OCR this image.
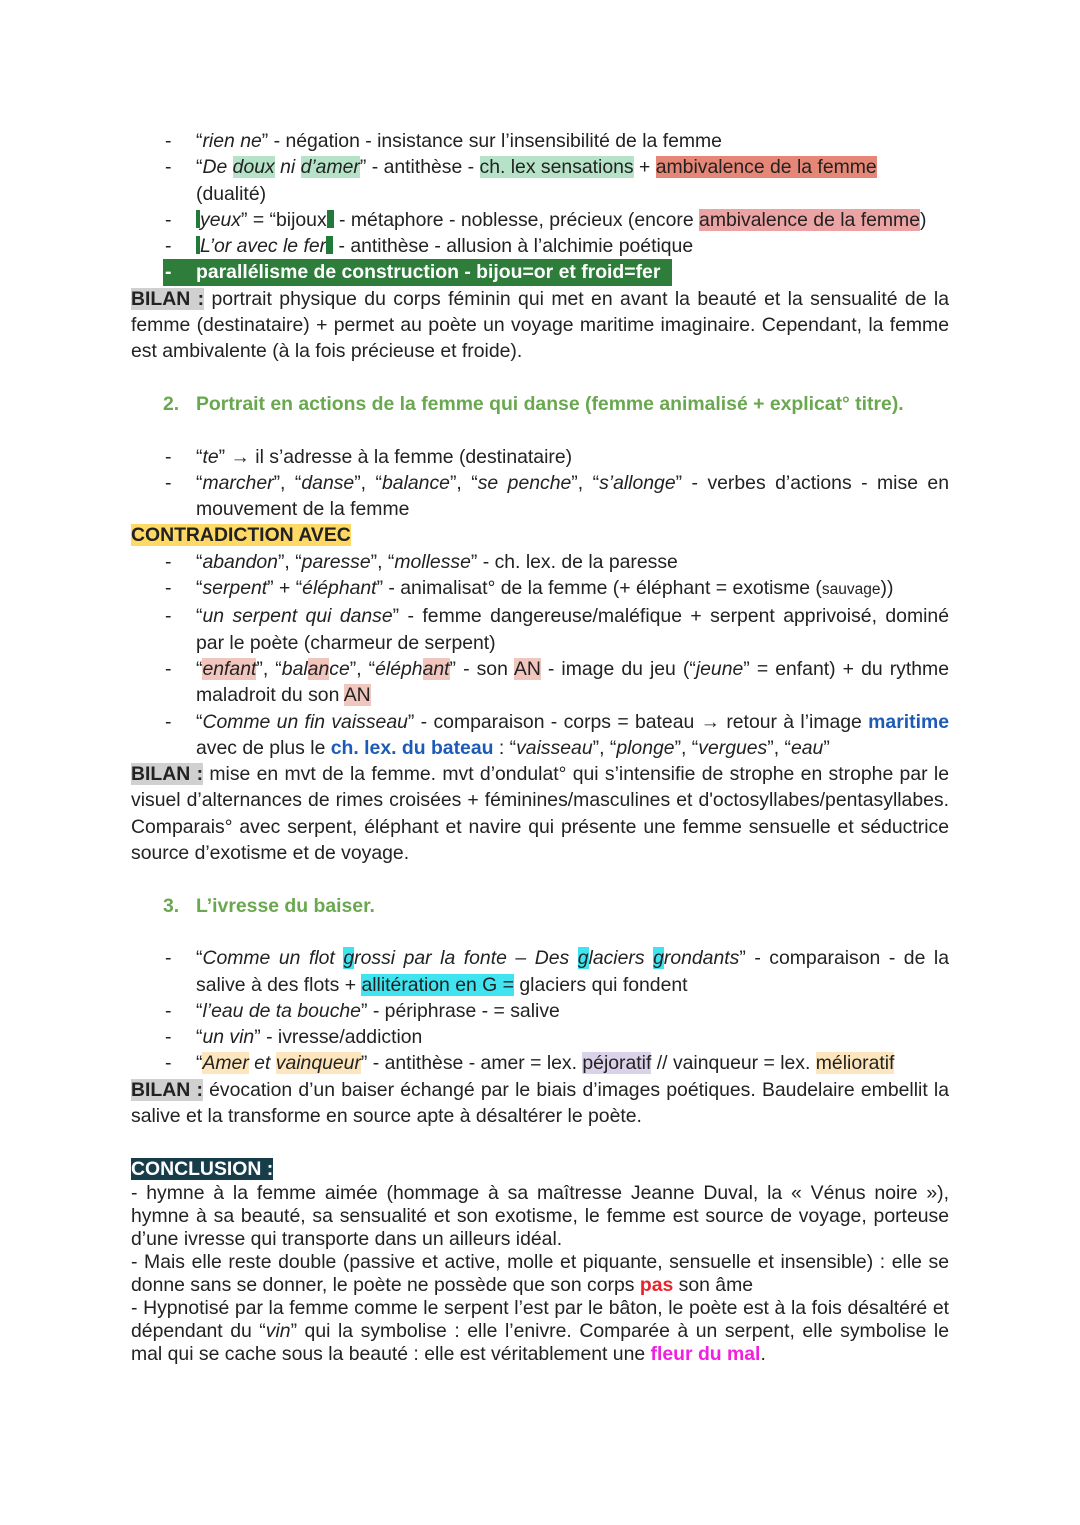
- “rien ne” - négation - insistance sur l’insensibilité de la femme
- “De doux ni d’amer” - antithèse - ch. lex sensations + ambivalence de la femme
(dualité)
- yeux” = “bijoux - métaphore - noblesse, précieux (encore ambivalence de la femme)
- L’or avec le fer - antithèse - allusion à l’alchimie poétique
- parallélisme de construction - bijou=or et froid=fer
BILAN : portrait physique du corps féminin qui met en avant la beauté et la sensualité de la femme (destinataire) + permet au poète un voyage maritime imaginaire. Cependant, la femme est ambivalente (à la fois précieuse et froide).
2. Portrait en actions de la femme qui danse (femme animalisé + explicat° titre).
- “te” → il s’adresse à la femme (destinataire)
- “marcher”, “danse”, “balance”, “se penche”, “s’allonge” - verbes d’actions - mise en mouvement de la femme
CONTRADICTION AVEC
- “abandon”, “paresse”, “mollesse” - ch. lex. de la paresse
- “serpent” + “éléphant” - animalisat° de la femme (+ éléphant = exotisme (sauvage))
- “un serpent qui danse” - femme dangereuse/maléfique + serpent apprivoisé, dominé par le poète (charmeur de serpent)
- “enfant”, “balance”, “éléphant” - son AN - image du jeu (“jeune” = enfant) + du rythme maladroit du son AN
- “Comme un fin vaisseau” - comparaison - corps = bateau → retour à l’image maritime avec de plus le ch. lex. du bateau : “vaisseau”, “plonge”, “vergues”, “eau”
BILAN : mise en mvt de la femme. mvt d’ondulat° qui s’intensifie de strophe en strophe par le visuel d’alternances de rimes croisées + féminines/masculines et d'octosyllabes/pentasyllabes. Comparais° avec serpent, éléphant et navire qui présente une femme sensuelle et séductrice source d’exotisme et de voyage.
3. L’ivresse du baiser.
- “Comme un flot grossi par la fonte – Des glaciers grondants” - comparaison - de la salive à des flots + allitération en G = glaciers qui fondent
- “l’eau de ta bouche” - périphrase - = salive
- “un vin” - ivresse/addiction
- “Amer et vainqueur” - antithèse - amer = lex. péjoratif // vainqueur = lex. mélioratif
BILAN : évocation d’un baiser échangé par le biais d’images poétiques. Baudelaire embellit la salive et la transforme en source apte à désaltérer le poète.
CONCLUSION :
- hymne à la femme aimée (hommage à sa maîtresse Jeanne Duval, la « Vénus noire »), hymne à sa beauté, sa sensualité et son exotisme, le femme est source de voyage, porteuse d’une ivresse qui transporte dans un ailleurs idéal.
- Mais elle reste double (passive et active, molle et piquante, sensuelle et insensible) : elle se donne sans se donner, le poète ne possède que son corps pas son âme
- Hypnotisé par la femme comme le serpent l’est par le bâton, le poète est à la fois désaltéré et dépendant du “vin” qui la symbolise : elle l’enivre. Comparée à un serpent, elle symbolise le mal qui se cache sous la beauté : elle est véritablement une fleur du mal.
